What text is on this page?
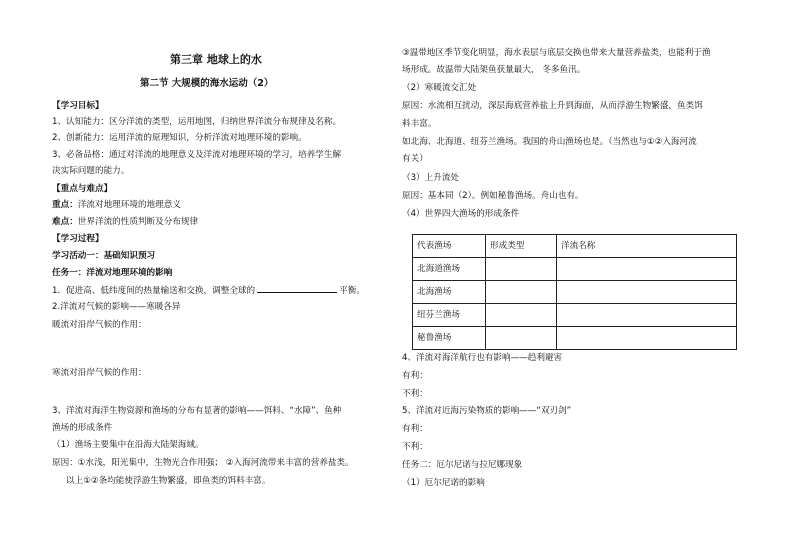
第三章 地球上的水
第二节 大规模的海水运动（2）
【学习目标】
1、认知能力：区分洋流的类型，运用地图，归纳世界洋流分布规律及名称。
2、创新能力：运用洋流的原理知识，分析洋流对地理环境的影响。
3、必备品格：通过对洋流的地理意义及洋流对地理环境的学习，培养学生解
决实际问题的能力。
【重点与难点】
重点：洋流对地理环境的地理意义
难点：世界洋流的性质判断及分布规律
【学习过程】
学习活动一：基础知识预习
任务一：洋流对地理环境的影响
1．促进高、低纬度间的热量输送和交换，调整全球的	平衡。
2.洋流对气候的影响——寒暖各异
暖流对沿岸气候的作用：
寒流对沿岸气候的作用：
3、洋流对海洋生物资源和渔场的分布有显著的影响——饵料、“水障”、鱼种
渔场的形成条件
（1）渔场主要集中在沿海大陆架海域。
原因：①水浅，阳光集中，生物光合作用强； ②入海河流带来丰富的营养盐类。
以上①②条均能使浮游生物繁盛，即鱼类的饵料丰富。
③温带地区季节变化明显，海水表层与底层交换也带来大量营养盐类，也能利于渔
场形成。故温带大陆架鱼获量最大， 冬多鱼汛。
（2）寒暖流交汇处
原因：水流相互扰动，深层海底营养盐上升到海面，从而浮游生物繁盛，鱼类饵
料丰富。
如北海、北海道、纽芬兰渔场。我国的舟山渔场也是。（当然也与①②入海河流
有关）
（3）上升流处
原因：基本同（2）。例如秘鲁渔场。舟山也有。
（4）世界四大渔场的形成条件
代表渔场	形成类型	洋流名称
北海道渔场		
北海渔场		
纽芬兰渔场		
秘鲁渔场		
4、洋流对海洋航行也有影响——趋利避害
有利：
不利：
5、洋流对近海污染物质的影响——“双刃剑”
有利：
不利：
任务二：厄尔尼诺与拉尼娜现象
（1）厄尔尼诺的影响
